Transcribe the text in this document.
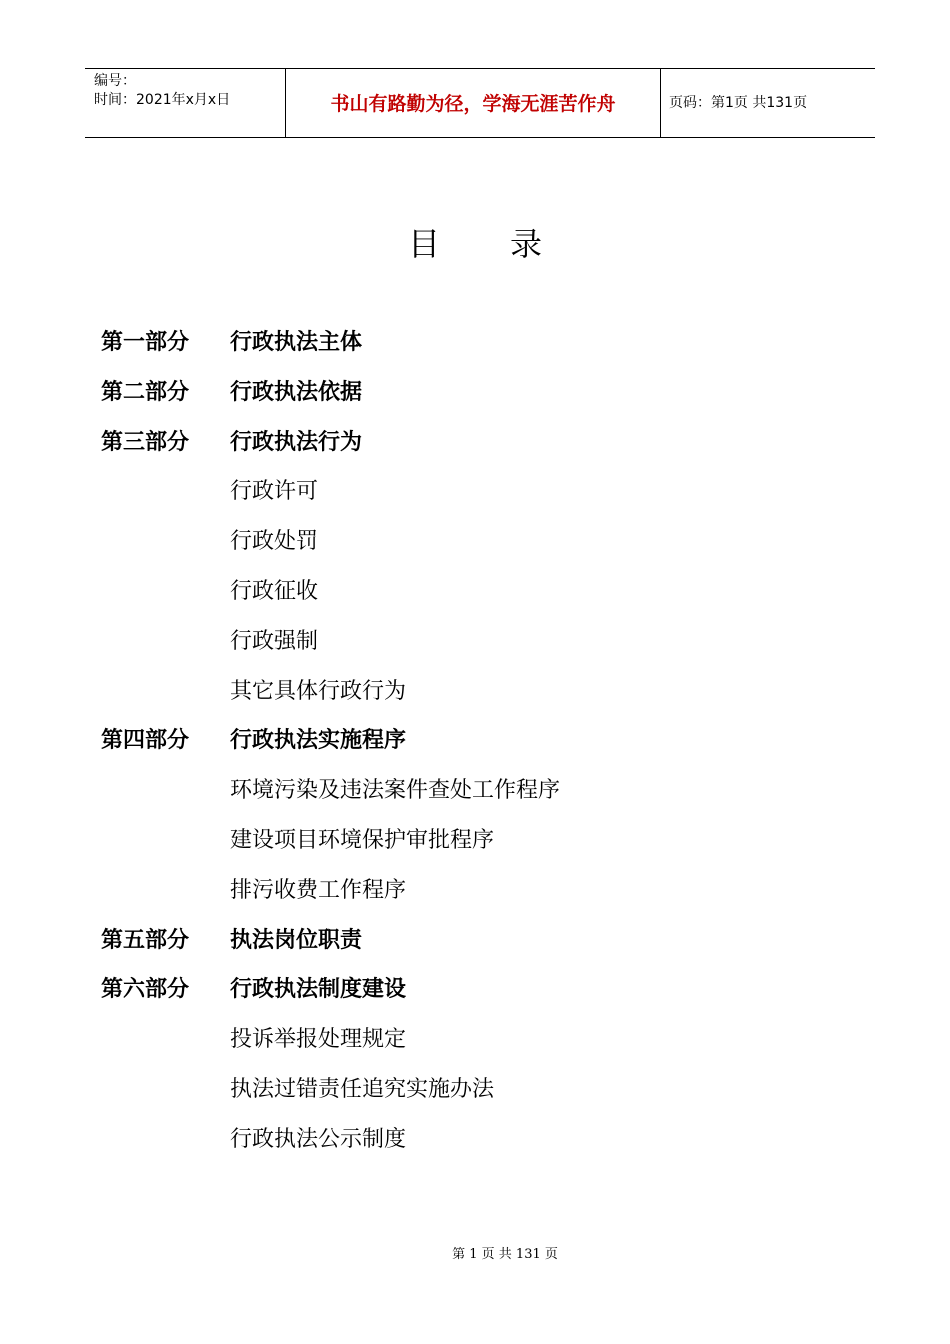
编号：
时间：2021年x月x日	书山有路勤为径，学海无涯苦作舟	页码：第1页 共131页
目录
第一部分 行政执法主体
第二部分 行政执法依据
第三部分 行政执法行为
行政许可
行政处罚
行政征收
行政强制
其它具体行政行为
第四部分 行政执法实施程序
环境污染及违法案件查处工作程序
建设项目环境保护审批程序
排污收费工作程序
第五部分 执法岗位职责
第六部分 行政执法制度建设
投诉举报处理规定
执法过错责任追究实施办法
行政执法公示制度
第 1 页 共 131 页
